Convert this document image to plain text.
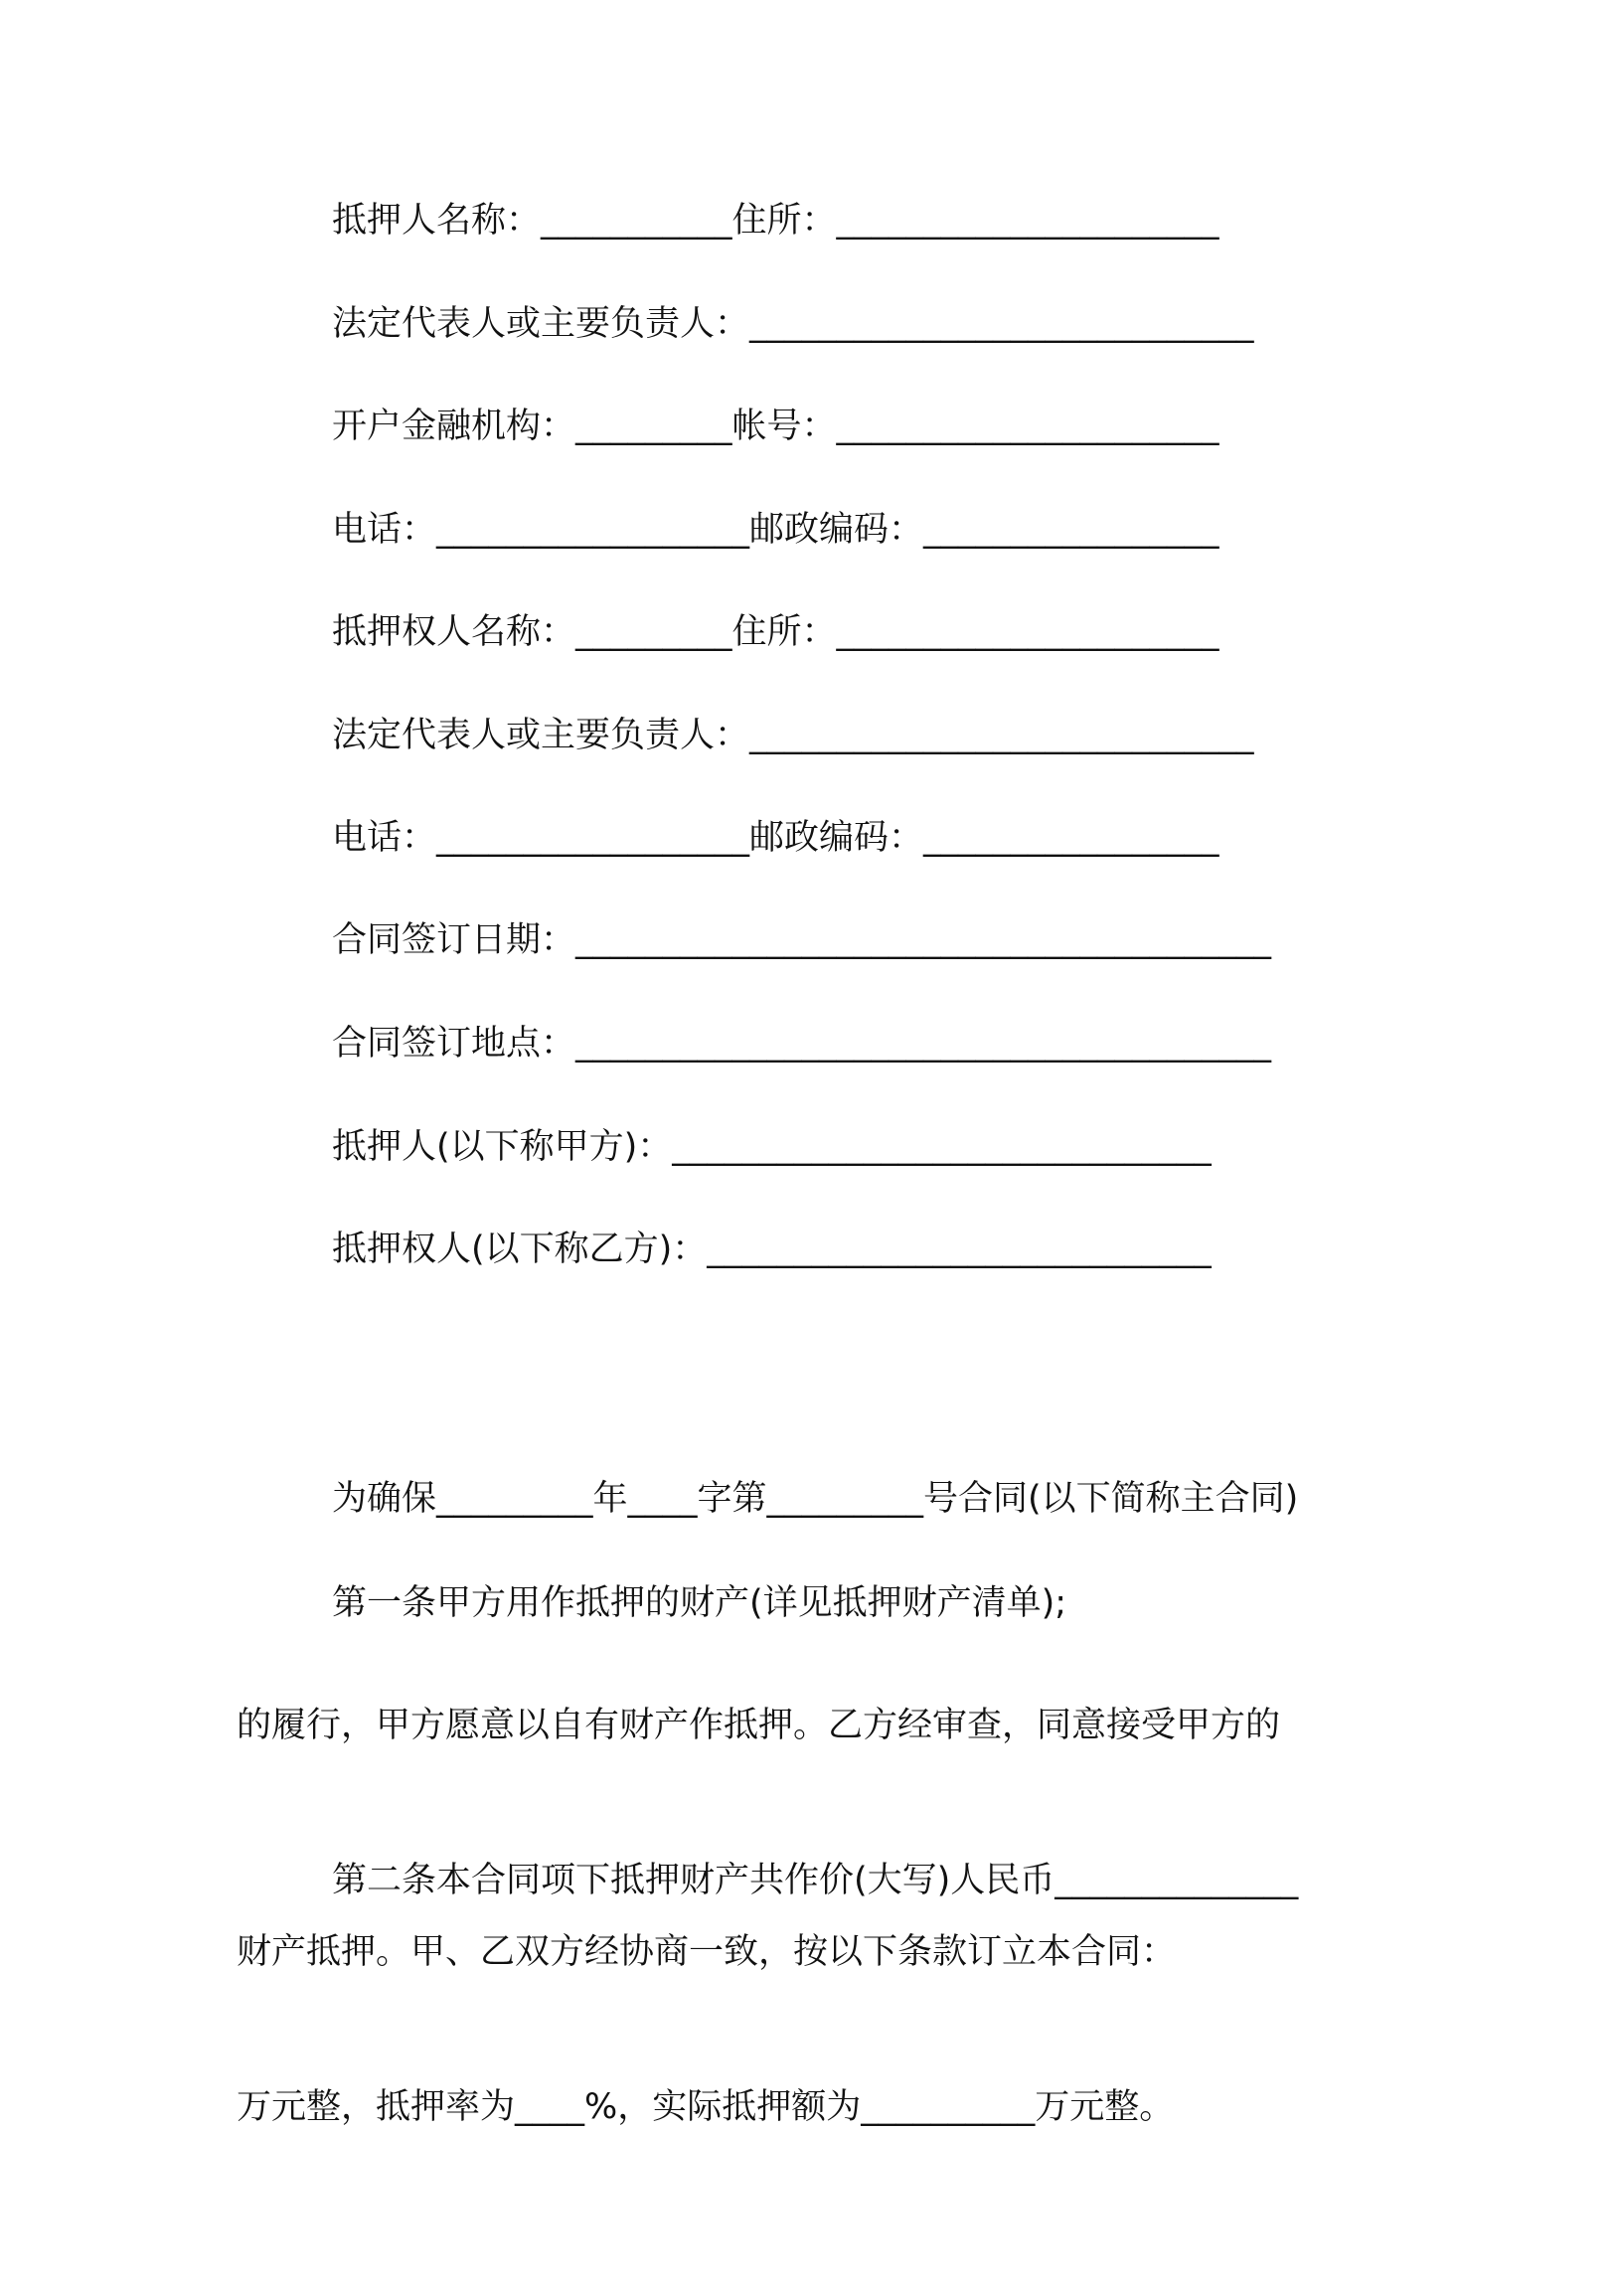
抵押人名称：___________住所：______________________
法定代表人或主要负责人：_____________________________
开户金融机构：_________帐号：______________________
电话：__________________邮政编码：_________________
抵押权人名称：_________住所：______________________
法定代表人或主要负责人：_____________________________
电话：__________________邮政编码：_________________
合同签订日期：________________________________________
合同签订地点：________________________________________
抵押人(以下称甲方)：_______________________________
抵押权人(以下称乙方)：_____________________________

为确保_________年____字第_________号合同(以下简称主合同)

的履行，甲方愿意以自有财产作抵押。乙方经审查，同意接受甲方的

财产抵押。甲、乙双方经协商一致，按以下条款订立本合同：

第一条甲方用作抵押的财产(详见抵押财产清单);

第二条本合同项下抵押财产共作价(大写)人民币______________

万元整，抵押率为____%，实际抵押额为__________万元整。
